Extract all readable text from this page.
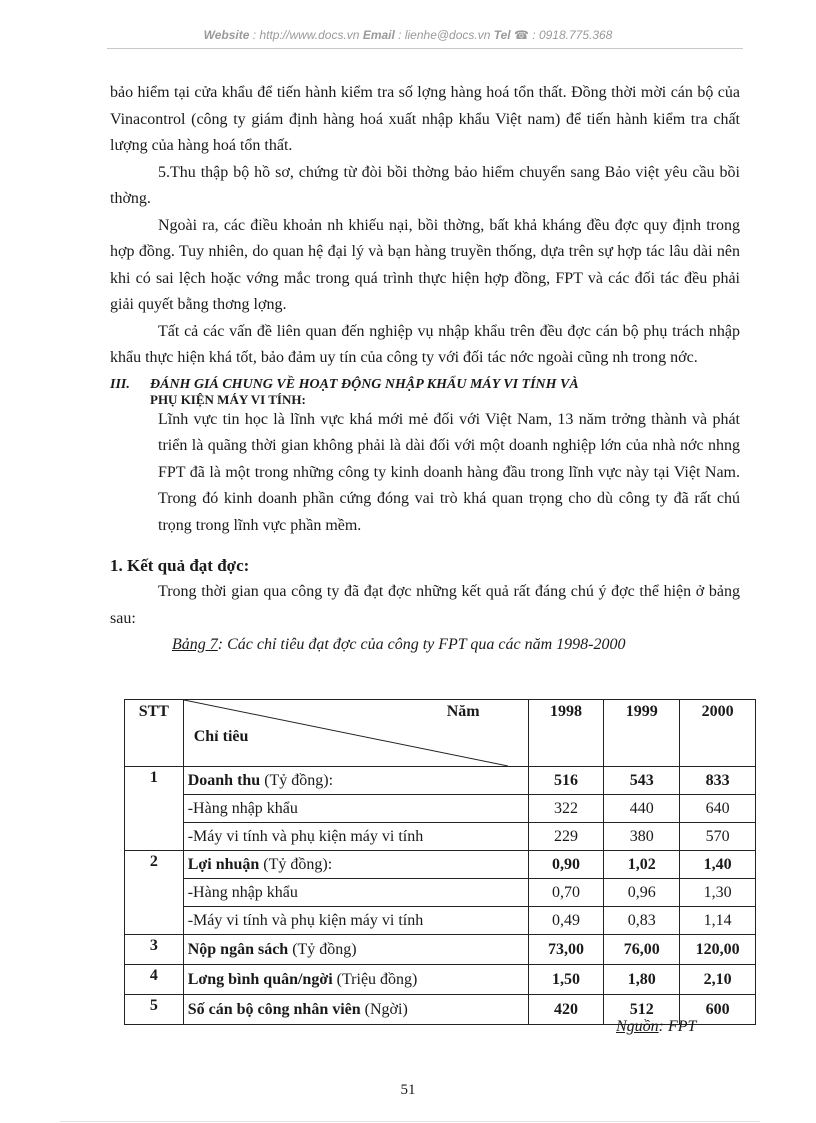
Website : http://www.docs.vn Email : lienhe@docs.vn Tel ☎ : 0918.775.368

bảo hiểm tại cửa khẩu để tiến hành kiểm tra số lợng hàng hoá tổn thất. Đồng thời mời cán bộ của Vinacontrol (công ty giám định hàng hoá xuất nhập khẩu Việt nam) để tiến hành kiểm tra chất lượng của hàng hoá tổn thất.

5.Thu thập bộ hồ sơ, chứng từ đòi bồi thờng bảo hiểm chuyển sang Bảo việt yêu cầu bồi thờng.

Ngoài ra, các điều khoản nh khiếu nại, bồi thờng, bất khả kháng đều đợc quy định trong hợp đồng. Tuy nhiên, do quan hệ đại lý và bạn hàng truyền thống, dựa trên sự hợp tác lâu dài nên khi có sai lệch hoặc vớng mắc trong quá trình thực hiện hợp đồng, FPT và các đối tác đều phải giải quyết bằng thơng lợng.

Tất cả các vấn đề liên quan đến nghiệp vụ nhập khẩu trên đều đợc cán bộ phụ trách nhập khẩu thực hiện khá tốt, bảo đảm uy tín của công ty với đối tác nớc ngoài cũng nh trong nớc.

III. ĐÁNH GIÁ CHUNG VỀ HOẠT ĐỘNG NHẬP KHẨU MÁY VI TÍNH VÀ

PHỤ KIỆN MÁY VI TÍNH:

Lĩnh vực tin học là lĩnh vực khá mới mẻ đối với Việt Nam, 13 năm trởng thành và phát triển là quãng thời gian không phải là dài đối với một doanh nghiệp lớn của nhà nớc nhng FPT đã là một trong những công ty kinh doanh hàng đầu trong lĩnh vực này tại Việt Nam. Trong đó kinh doanh phần cứng đóng vai trò khá quan trọng cho dù công ty đã rất chú trọng trong lĩnh vực phần mềm.

1. Kết quả đạt đợc:

Trong thời gian qua công ty đã đạt đợc những kết quả rất đáng chú ý đợc thể hiện ở bảng sau:

Bảng 7: Các chỉ tiêu đạt đợc của công ty FPT qua các năm 1998-2000

STT	Năm
Chỉ tiêu	1998	1999	2000
1	Doanh thu (Tỷ đồng):	516	543	833
	-Hàng nhập khẩu	322	440	640
	-Máy vi tính và phụ kiện máy vi tính	229	380	570
2	Lợi nhuận (Tỷ đồng):	0,90	1,02	1,40
	-Hàng nhập khẩu	0,70	0,96	1,30
	-Máy vi tính và phụ kiện máy vi tính	0,49	0,83	1,14
3	Nộp ngân sách (Tỷ đồng)	73,00	76,00	120,00
4	Lơng bình quân/ngời (Triệu đồng)	1,50	1,80	2,10
5	Số cán bộ công nhân viên (Ngời)	420	512	600
Nguồn: FPT
51
